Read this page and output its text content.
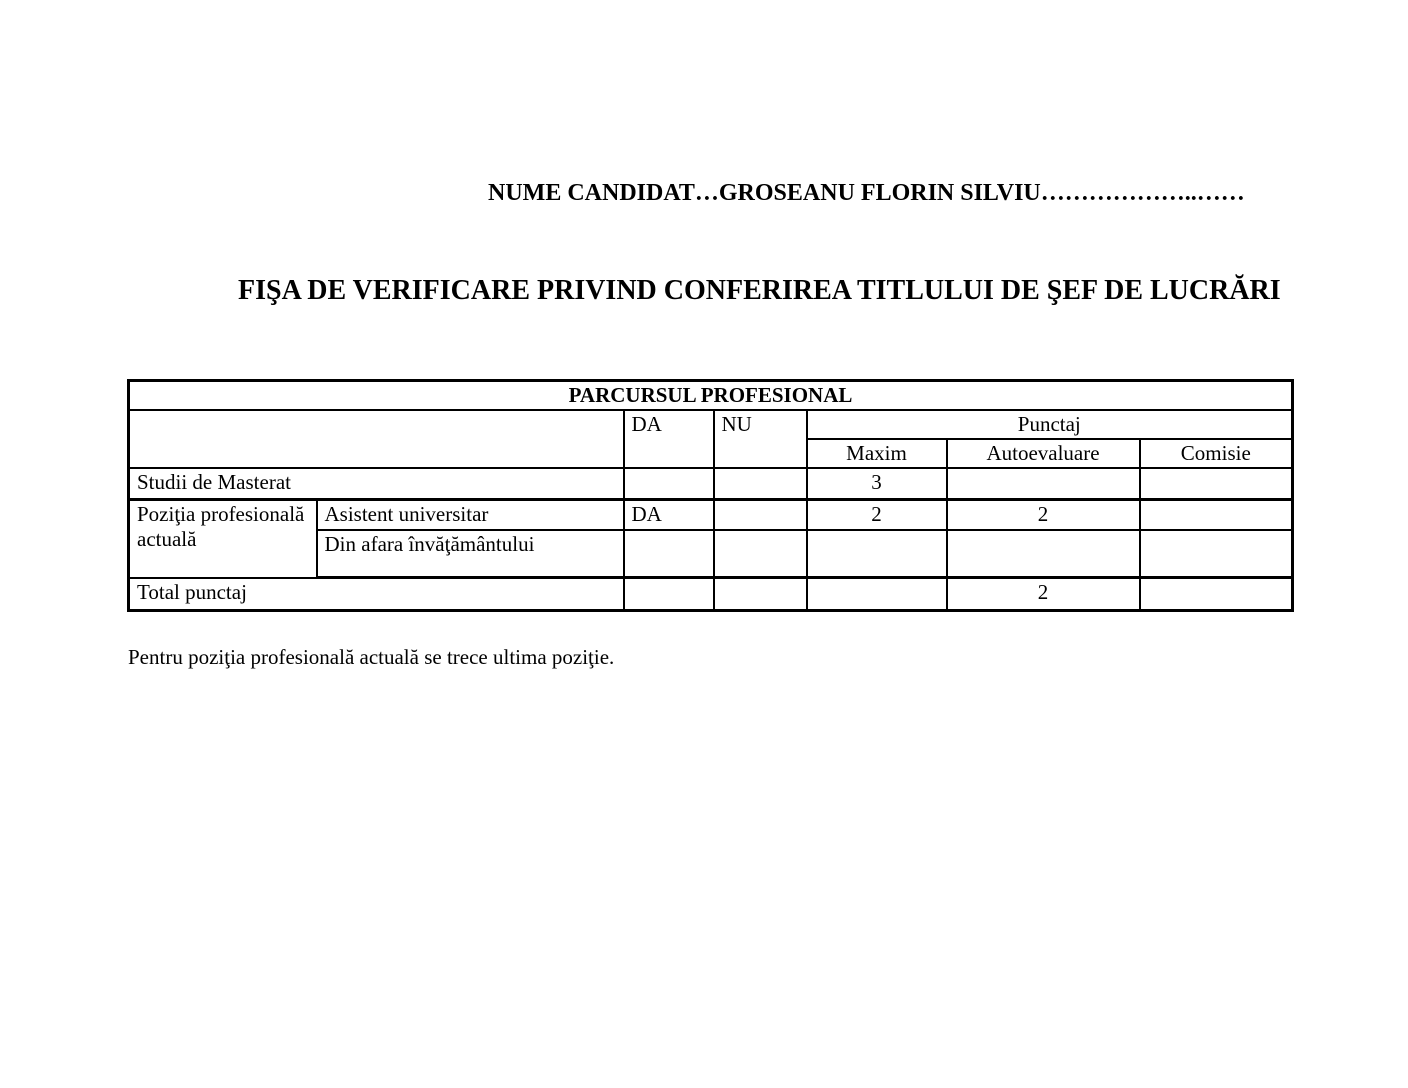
NUME CANDIDAT…GROSEANU FLORIN SILVIU………………..……
FIŞA DE VERIFICARE PRIVIND CONFERIREA TITLULUI DE ŞEF DE LUCRĂRI
PARCURSUL PROFESIONAL						
		DA	NU	Punctaj		
				Maxim	Autoevaluare	Comisie
Studii de Masterat				3		
Poziţia profesională actuală	Asistent universitar	DA		2	2	
	Din afara învăţământului					
Total punctaj					2	
Pentru poziţia profesională actuală se trece ultima poziţie.
